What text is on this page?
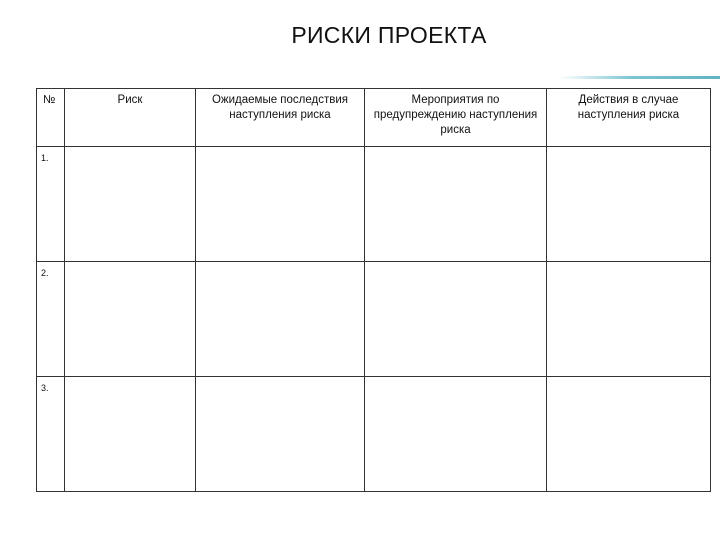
РИСКИ ПРОЕКТА
№	Риск	Ожидаемые последствия наступления риска	Мероприятия по предупреждению наступления риска	Действия в случае наступления риска
1.				
2.				
3.				
